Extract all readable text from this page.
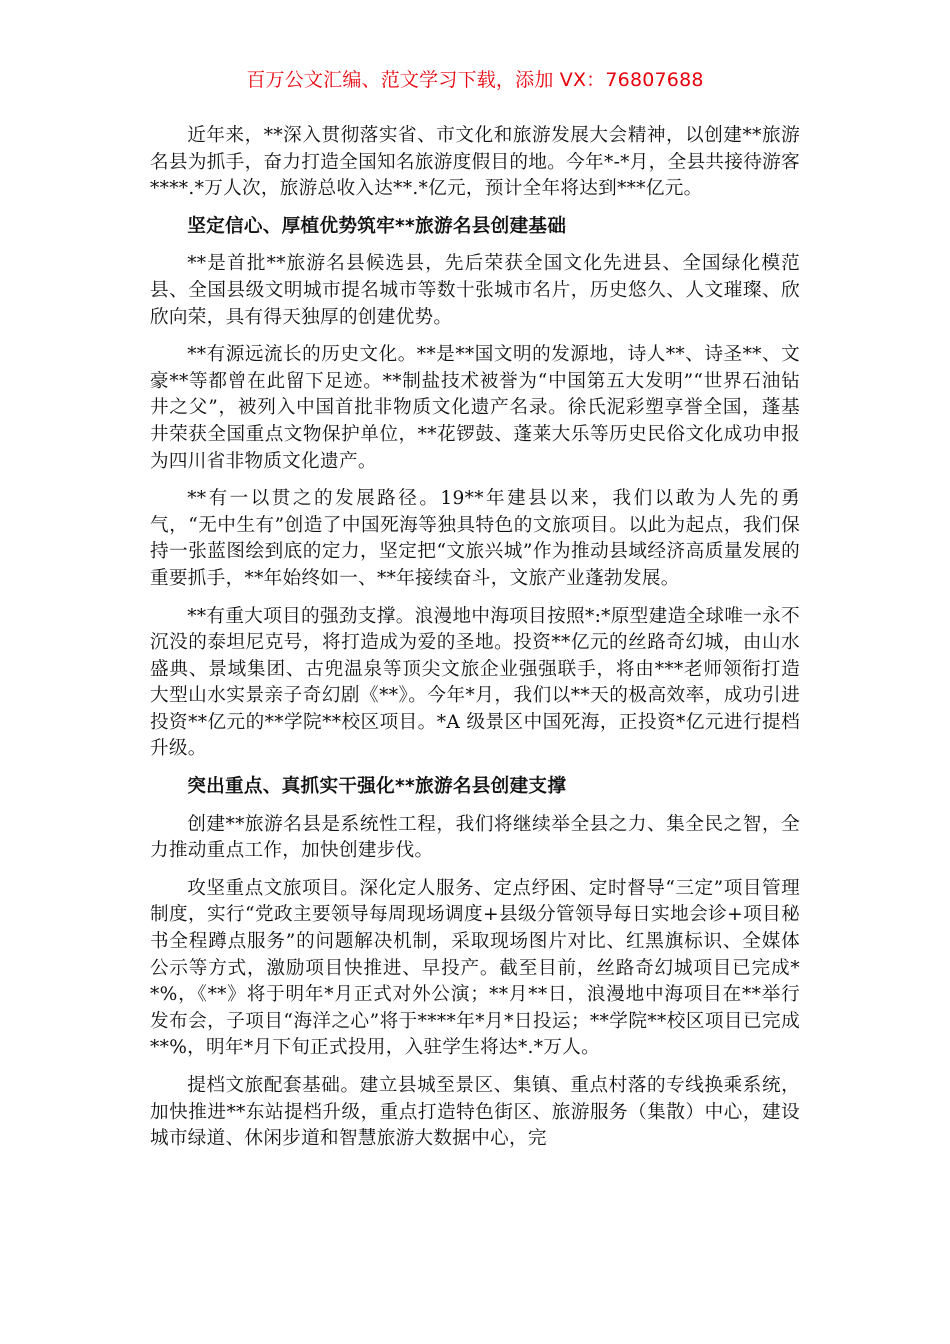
百万公文汇编、范文学习下载，添加 VX：76807688

近年来，**深入贯彻落实省、市文化和旅游发展大会精神，以创建**旅游名县为抓手，奋力打造全国知名旅游度假目的地。今年*-*月，全县共接待游客****.*万人次，旅游总收入达**.*亿元，预计全年将达到***亿元。

坚定信心、厚植优势筑牢**旅游名县创建基础

**是首批**旅游名县候选县，先后荣获全国文化先进县、全国绿化模范县、全国县级文明城市提名城市等数十张城市名片，历史悠久、人文璀璨、欣欣向荣，具有得天独厚的创建优势。

**有源远流长的历史文化。**是**国文明的发源地，诗人**、诗圣**、文豪**等都曾在此留下足迹。**制盐技术被誉为“中国第五大发明”“世界石油钻井之父”，被列入中国首批非物质文化遗产名录。徐氏泥彩塑享誉全国，蓬基井荣获全国重点文物保护单位，**花锣鼓、蓬莱大乐等历史民俗文化成功申报为四川省非物质文化遗产。

**有一以贯之的发展路径。19**年建县以来，我们以敢为人先的勇气，“无中生有”创造了中国死海等独具特色的文旅项目。以此为起点，我们保持一张蓝图绘到底的定力，坚定把“文旅兴城”作为推动县域经济高质量发展的重要抓手，**年始终如一、**年接续奋斗，文旅产业蓬勃发展。

**有重大项目的强劲支撑。浪漫地中海项目按照*:*原型建造全球唯一永不沉没的泰坦尼克号，将打造成为爱的圣地。投资**亿元的丝路奇幻城，由山水盛典、景域集团、古兜温泉等顶尖文旅企业强强联手，将由***老师领衔打造大型山水实景亲子奇幻剧《**》。今年*月，我们以**天的极高效率，成功引进投资**亿元的**学院**校区项目。*A 级景区中国死海，正投资*亿元进行提档升级。

突出重点、真抓实干强化**旅游名县创建支撑

创建**旅游名县是系统性工程，我们将继续举全县之力、集全民之智，全力推动重点工作，加快创建步伐。

攻坚重点文旅项目。深化定人服务、定点纾困、定时督导“三定”项目管理制度，实行“党政主要领导每周现场调度+县级分管领导每日实地会诊+项目秘书全程蹲点服务”的问题解决机制，采取现场图片对比、红黑旗标识、全媒体公示等方式，激励项目快推进、早投产。截至目前，丝路奇幻城项目已完成**%，《**》将于明年*月正式对外公演；**月**日，浪漫地中海项目在**举行发布会，子项目“海洋之心”将于****年*月*日投运；**学院**校区项目已完成**%，明年*月下旬正式投用，入驻学生将达*.*万人。

提档文旅配套基础。建立县城至景区、集镇、重点村落的专线换乘系统，加快推进**东站提档升级，重点打造特色街区、旅游服务（集散）中心，建设城市绿道、休闲步道和智慧旅游大数据中心，完
